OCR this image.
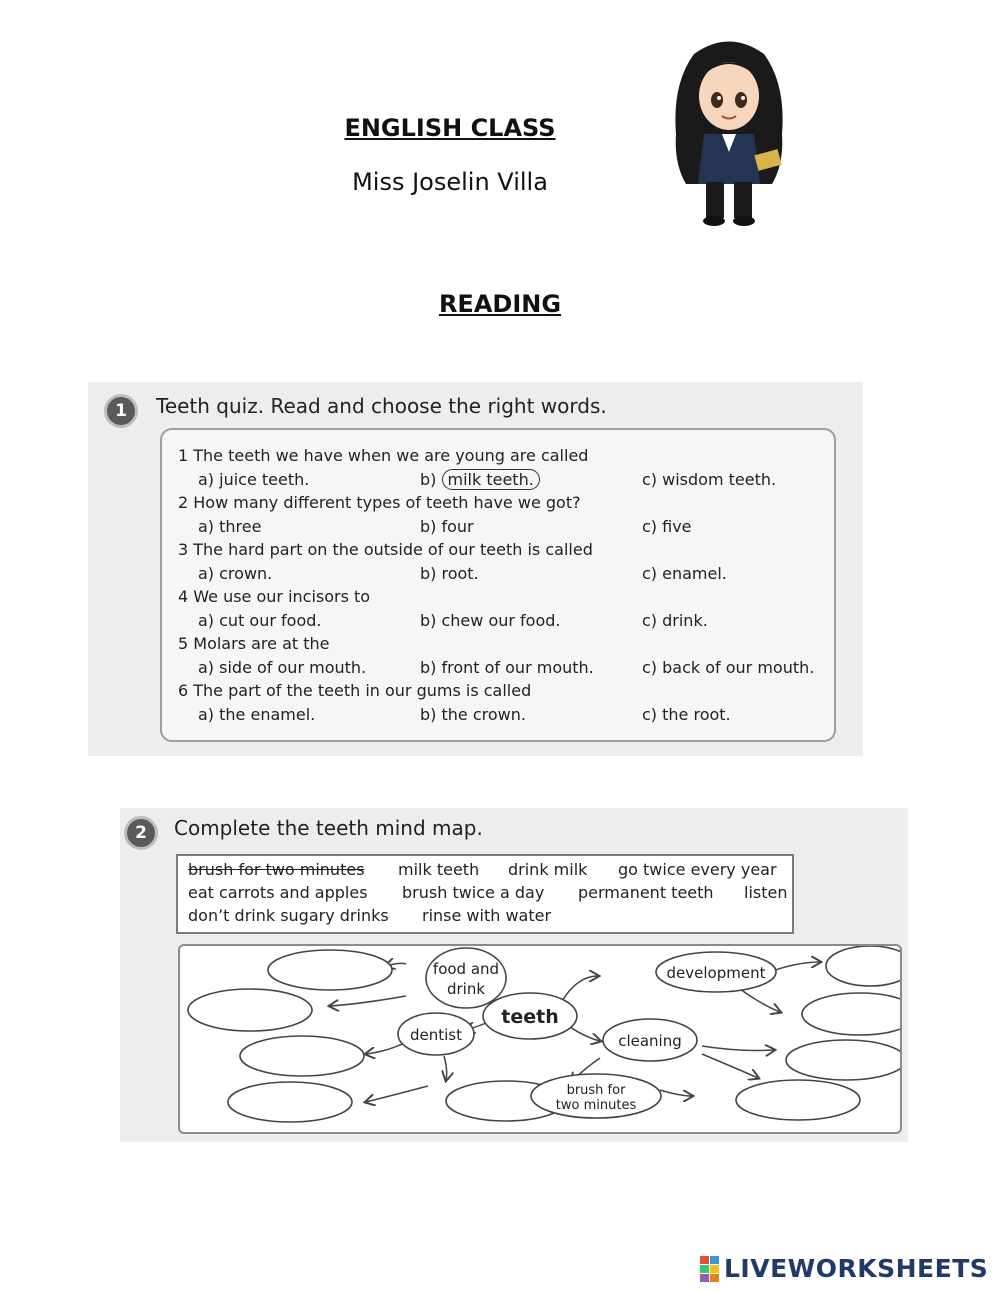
ENGLISH CLASS
Miss Joselin Villa
READING
1	Teeth quiz. Read and choose the right words.
1 The teeth we have when we are young are called
a) juice teeth.	b) milk teeth.	c) wisdom teeth.
2 How many different types of teeth have we got?
a) three	b) four	c) five
3 The hard part on the outside of our teeth is called
a) crown.	b) root.	c) enamel.
4 We use our incisors to
a) cut our food.	b) chew our food.	c) drink.
5 Molars are at the
a) side of our mouth.	b) front of our mouth.	c) back of our mouth.
6 The part of the teeth in our gums is called
a) the enamel.	b) the crown.	c) the root.
2	Complete the teeth mind map.
brush for two minutes milk teeth drink milk go twice every year
eat carrots and apples brush twice a day permanent teeth listen
don’t drink sugary drinks rinse with water
food and
drink
development
teeth
dentist	cleaning
brush for
two minutes
LIVEWORKSHEETS
